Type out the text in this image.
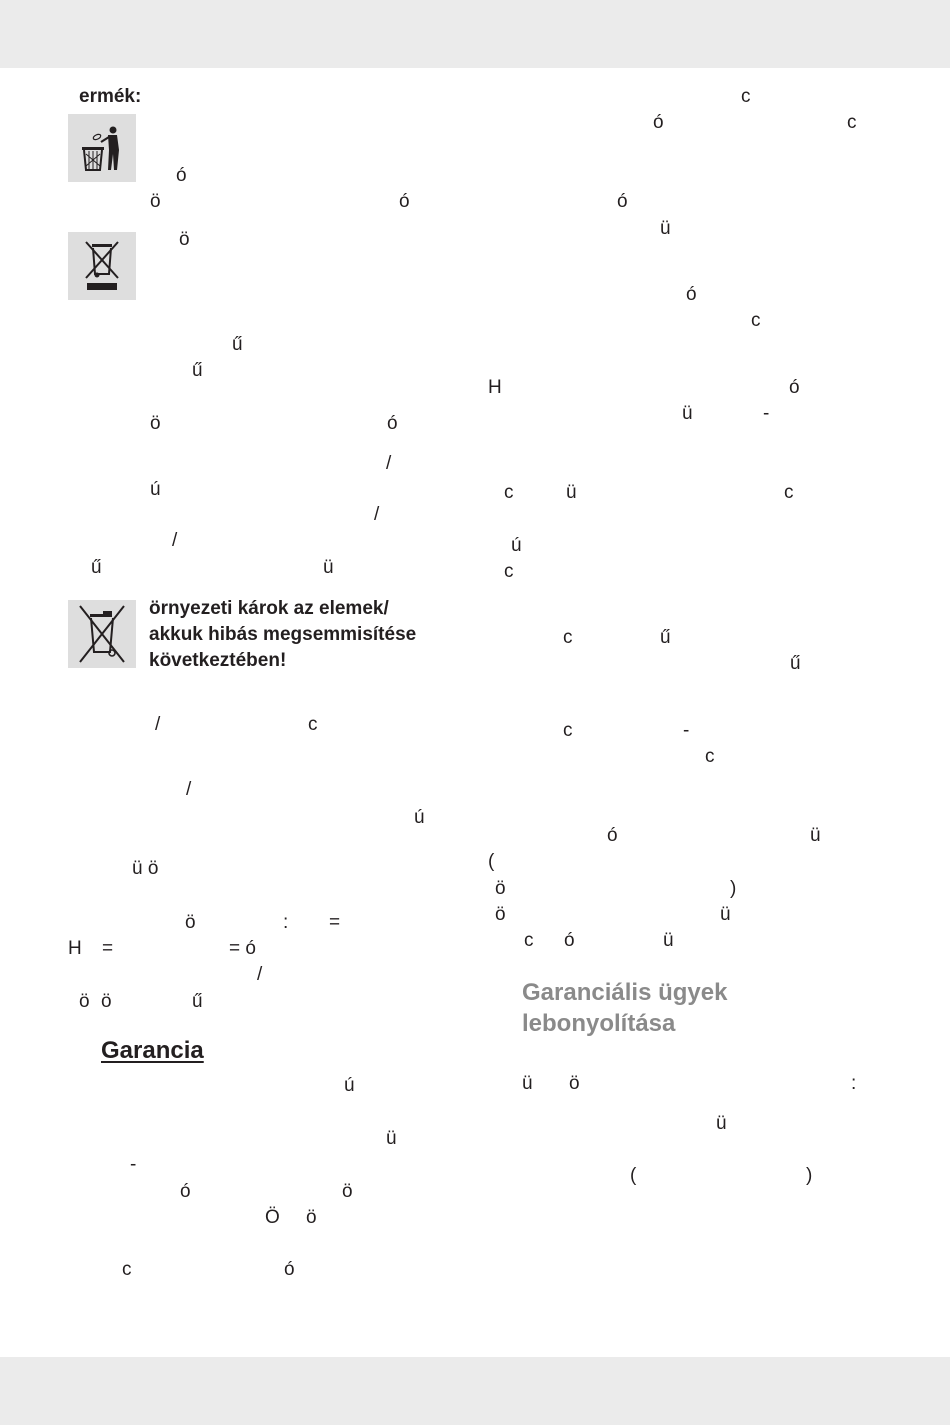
ermék:
örnyezeti károk az elemek/
akkuk hibás megsemmisítése
következtében!
Garancia
ó
ö	ó
ö
ű
ű
ö	ó
/
ú
/
/
ű	ü
/	c
/
ú
ü ö
ö	: =
H =	= ó
/
ö ö	ű
ú
ü
-
ó	ö
Ö ö
c	ó
Garanciális ügyek
lebonyolítása
c
ó	c
ó
ü
ó
c
H	ó
ü	-
c	ü	c
ú
c
c	ű
ű
c	-
c
ó	ü
(
ö	)
ö	ü
c ó	ü
ü ö	:
ü
(	)
